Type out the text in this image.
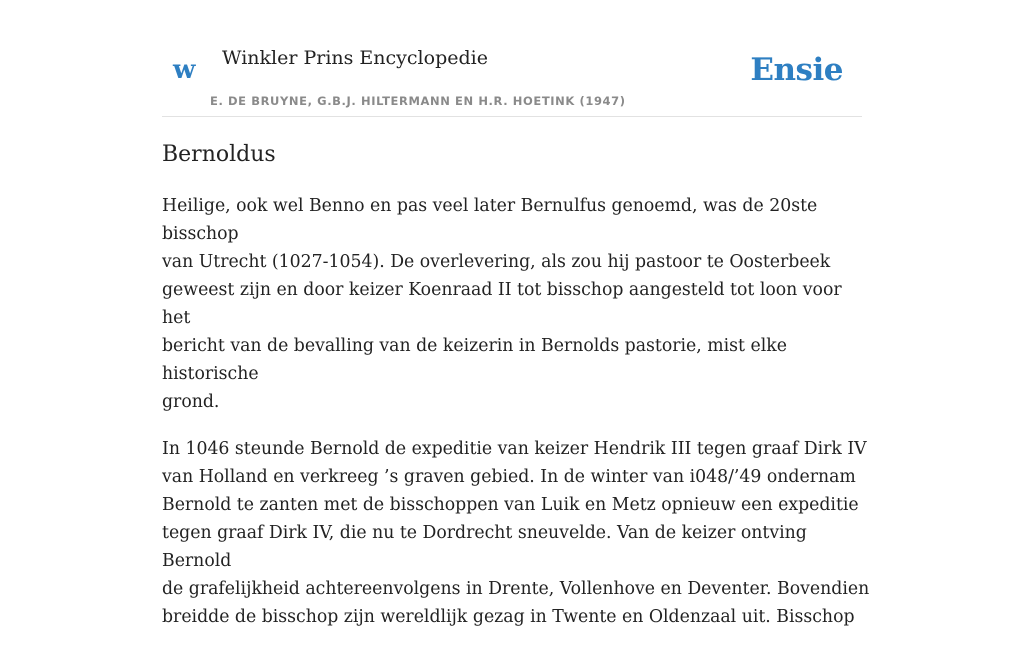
w Winkler Prins Encyclopedie
E. DE BRUYNE, G.B.J. HILTERMANN EN H.R. HOETINK (1947)
Ensie
Bernoldus

Heilige, ook wel Benno en pas veel later Bernulfus genoemd, was de 20ste bisschop
van Utrecht (1027-1054). De overlevering, als zou hij pastoor te Oosterbeek
geweest zijn en door keizer Koenraad II tot bisschop aangesteld tot loon voor het
bericht van de bevalling van de keizerin in Bernolds pastorie, mist elke historische
grond.

In 1046 steunde Bernold de expeditie van keizer Hendrik III tegen graaf Dirk IV
van Holland en verkreeg ’s graven gebied. In de winter van i048/’49 ondernam
Bernold te zanten met de bisschoppen van Luik en Metz opnieuw een expeditie
tegen graaf Dirk IV, die nu te Dordrecht sneuvelde. Van de keizer ontving Bernold
de grafelijkheid achtereenvolgens in Drente, Vollenhove en Deventer. Bovendien
breidde de bisschop zijn wereldlijk gezag in Twente en Oldenzaal uit. Bisschop
